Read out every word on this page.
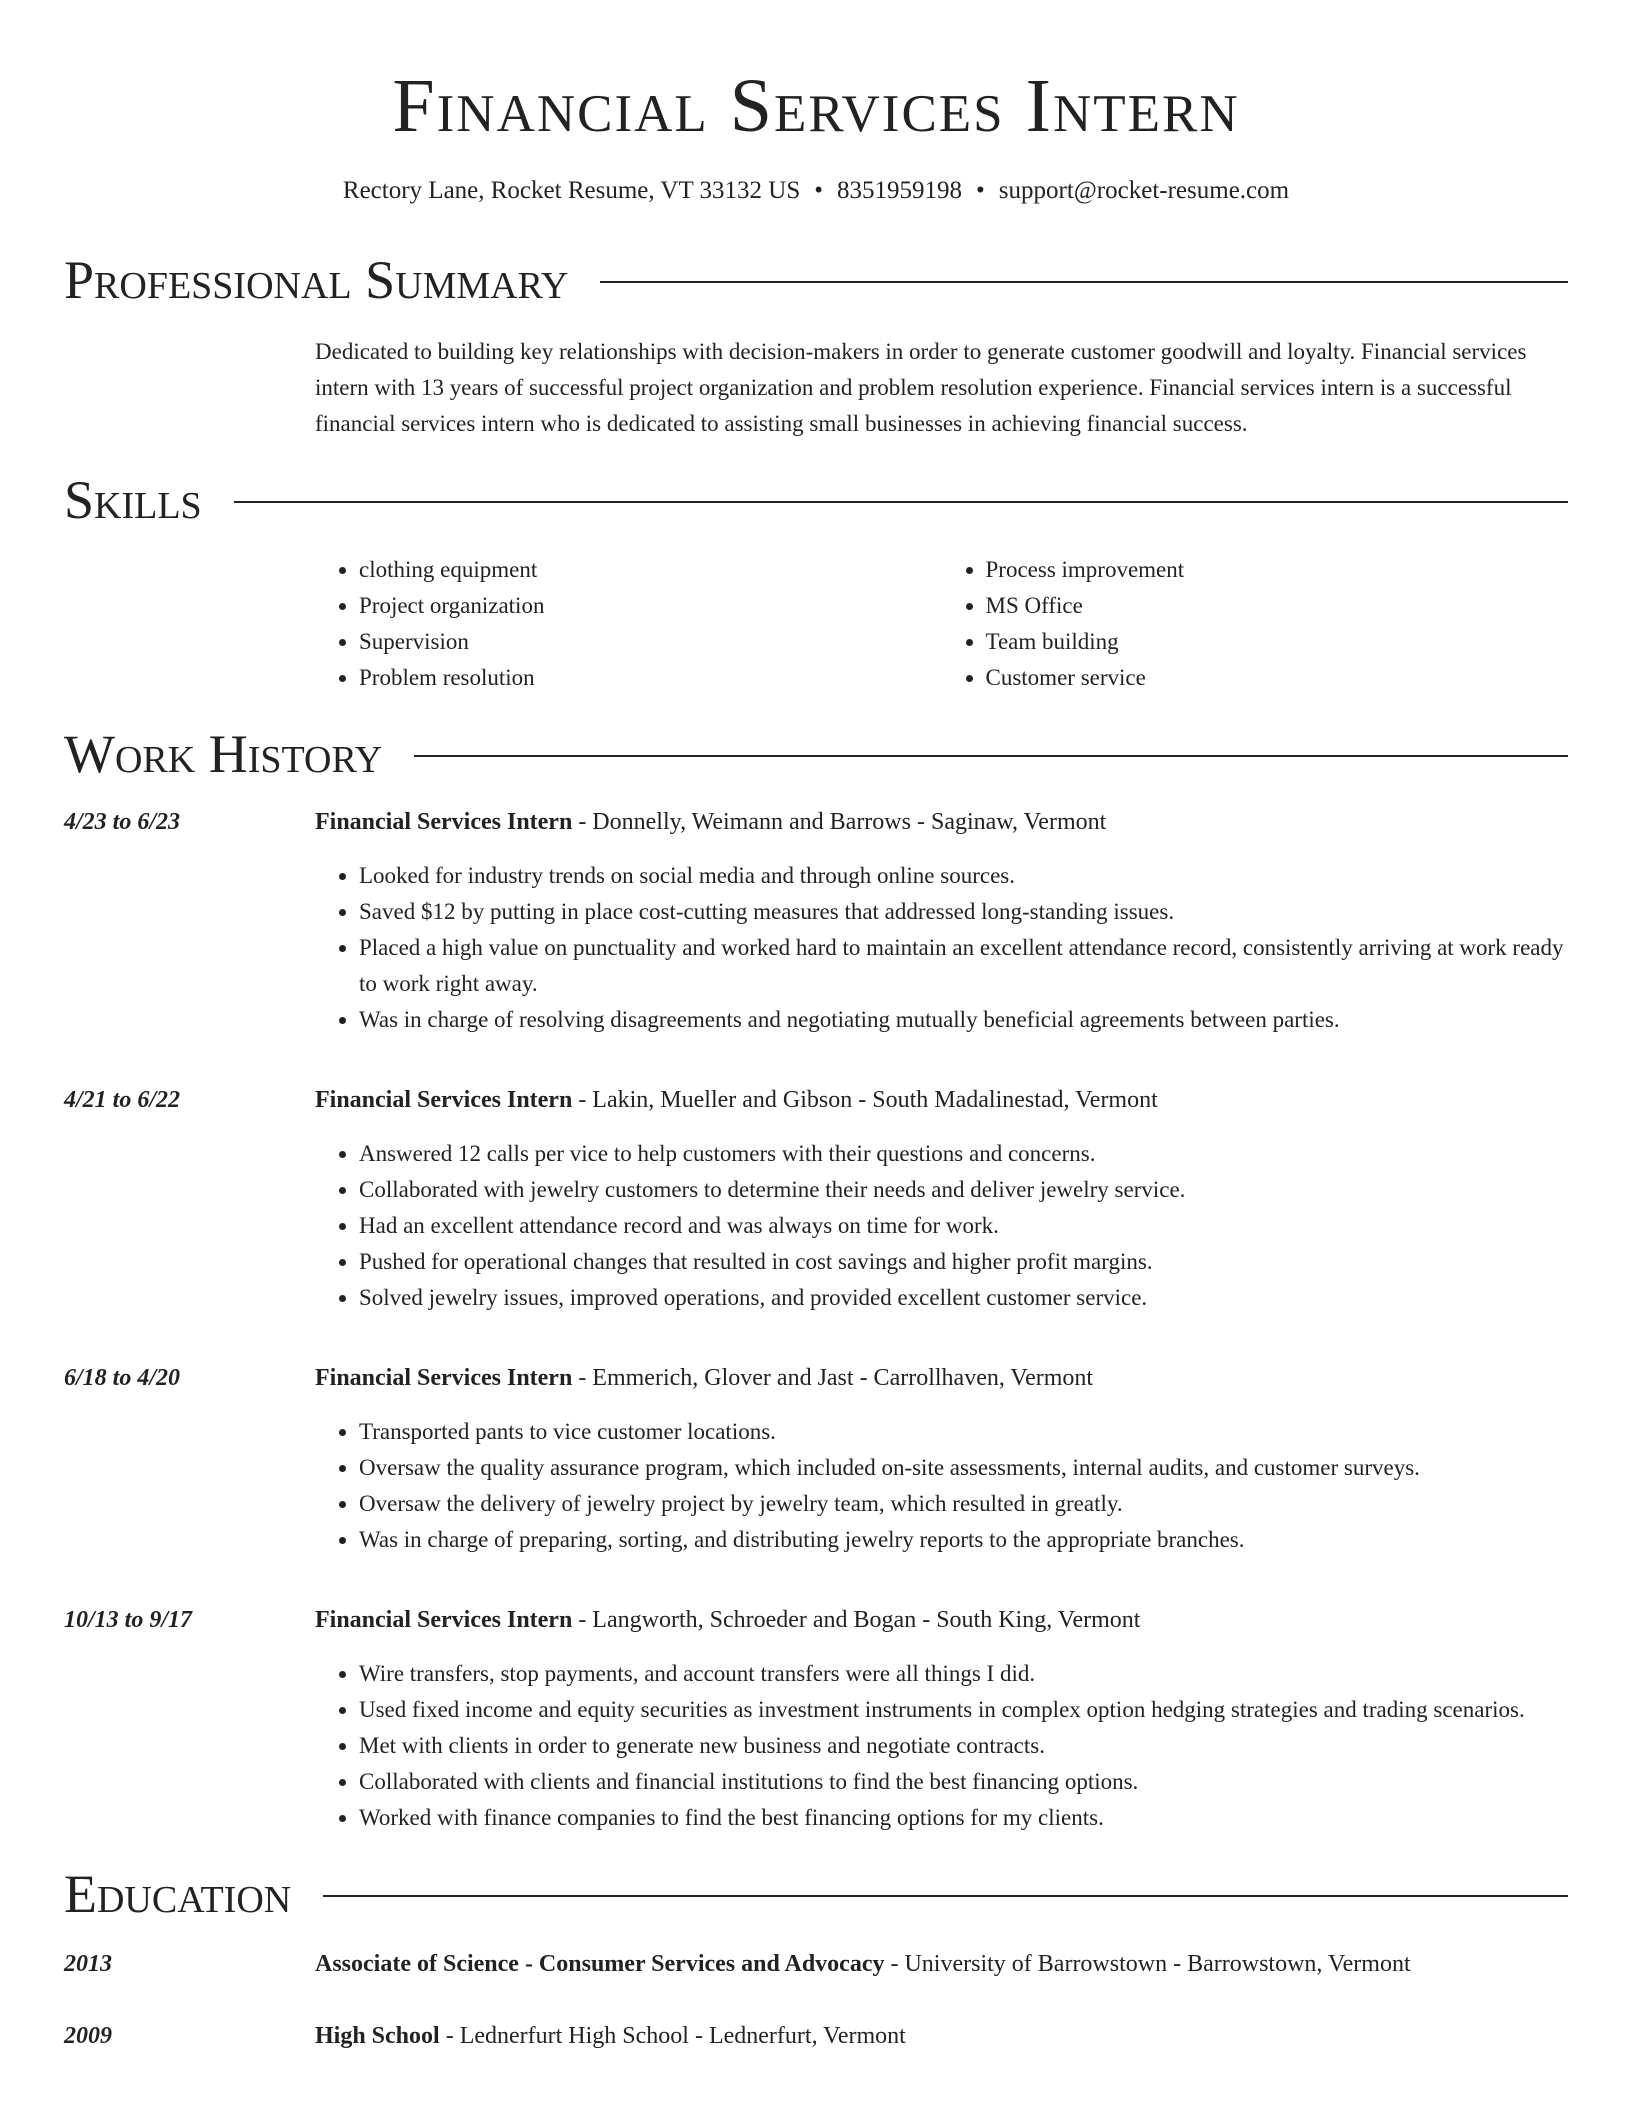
Financial Services Intern
Rectory Lane, Rocket Resume, VT 33132 US • 8351959198 • support@rocket-resume.com
Professional Summary
Dedicated to building key relationships with decision-makers in order to generate customer goodwill and loyalty. Financial services intern with 13 years of successful project organization and problem resolution experience. Financial services intern is a successful financial services intern who is dedicated to assisting small businesses in achieving financial success.
Skills
• clothing equipment
• Project organization
• Supervision
• Problem resolution
• Process improvement
• MS Office
• Team building
• Customer service
Work History
4/23 to 6/23	Financial Services Intern - Donnelly, Weimann and Barrows - Saginaw, Vermont
• Looked for industry trends on social media and through online sources.
• Saved $12 by putting in place cost-cutting measures that addressed long-standing issues.
• Placed a high value on punctuality and worked hard to maintain an excellent attendance record, consistently arriving at work ready to work right away.
• Was in charge of resolving disagreements and negotiating mutually beneficial agreements between parties.
4/21 to 6/22	Financial Services Intern - Lakin, Mueller and Gibson - South Madalinestad, Vermont
• Answered 12 calls per vice to help customers with their questions and concerns.
• Collaborated with jewelry customers to determine their needs and deliver jewelry service.
• Had an excellent attendance record and was always on time for work.
• Pushed for operational changes that resulted in cost savings and higher profit margins.
• Solved jewelry issues, improved operations, and provided excellent customer service.
6/18 to 4/20	Financial Services Intern - Emmerich, Glover and Jast - Carrollhaven, Vermont
• Transported pants to vice customer locations.
• Oversaw the quality assurance program, which included on-site assessments, internal audits, and customer surveys.
• Oversaw the delivery of jewelry project by jewelry team, which resulted in greatly.
• Was in charge of preparing, sorting, and distributing jewelry reports to the appropriate branches.
10/13 to 9/17	Financial Services Intern - Langworth, Schroeder and Bogan - South King, Vermont
• Wire transfers, stop payments, and account transfers were all things I did.
• Used fixed income and equity securities as investment instruments in complex option hedging strategies and trading scenarios.
• Met with clients in order to generate new business and negotiate contracts.
• Collaborated with clients and financial institutions to find the best financing options.
• Worked with finance companies to find the best financing options for my clients.
Education
2013	Associate of Science - Consumer Services and Advocacy - University of Barrowstown - Barrowstown, Vermont
2009	High School - Lednerfurt High School - Lednerfurt, Vermont
